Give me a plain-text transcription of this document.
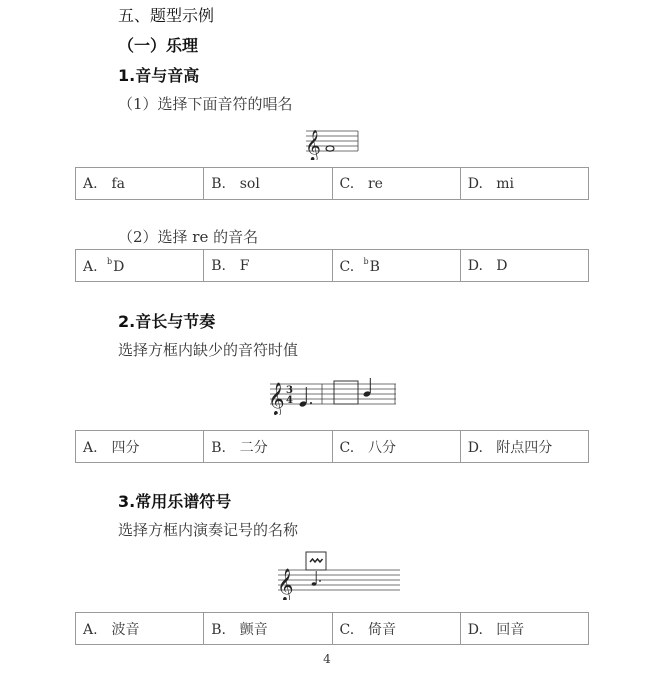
五、题型示例
（一）乐理
1.音与音高
（1）选择下面音符的唱名
𝄞
A. fa	B. sol	C. re	D. mi
（2）选择 re 的音名
A. $^b$D	B. F	C. $^b$B	D. D
2.音长与节奏
选择方框内缺少的音符时值
𝄞 3
4
A. 四分	B. 二分	C. 八分	D. 附点四分
3.常用乐谱符号
选择方框内演奏记号的名称
𝄞
A. 波音	B. 颤音	C. 倚音	D. 回音
4
